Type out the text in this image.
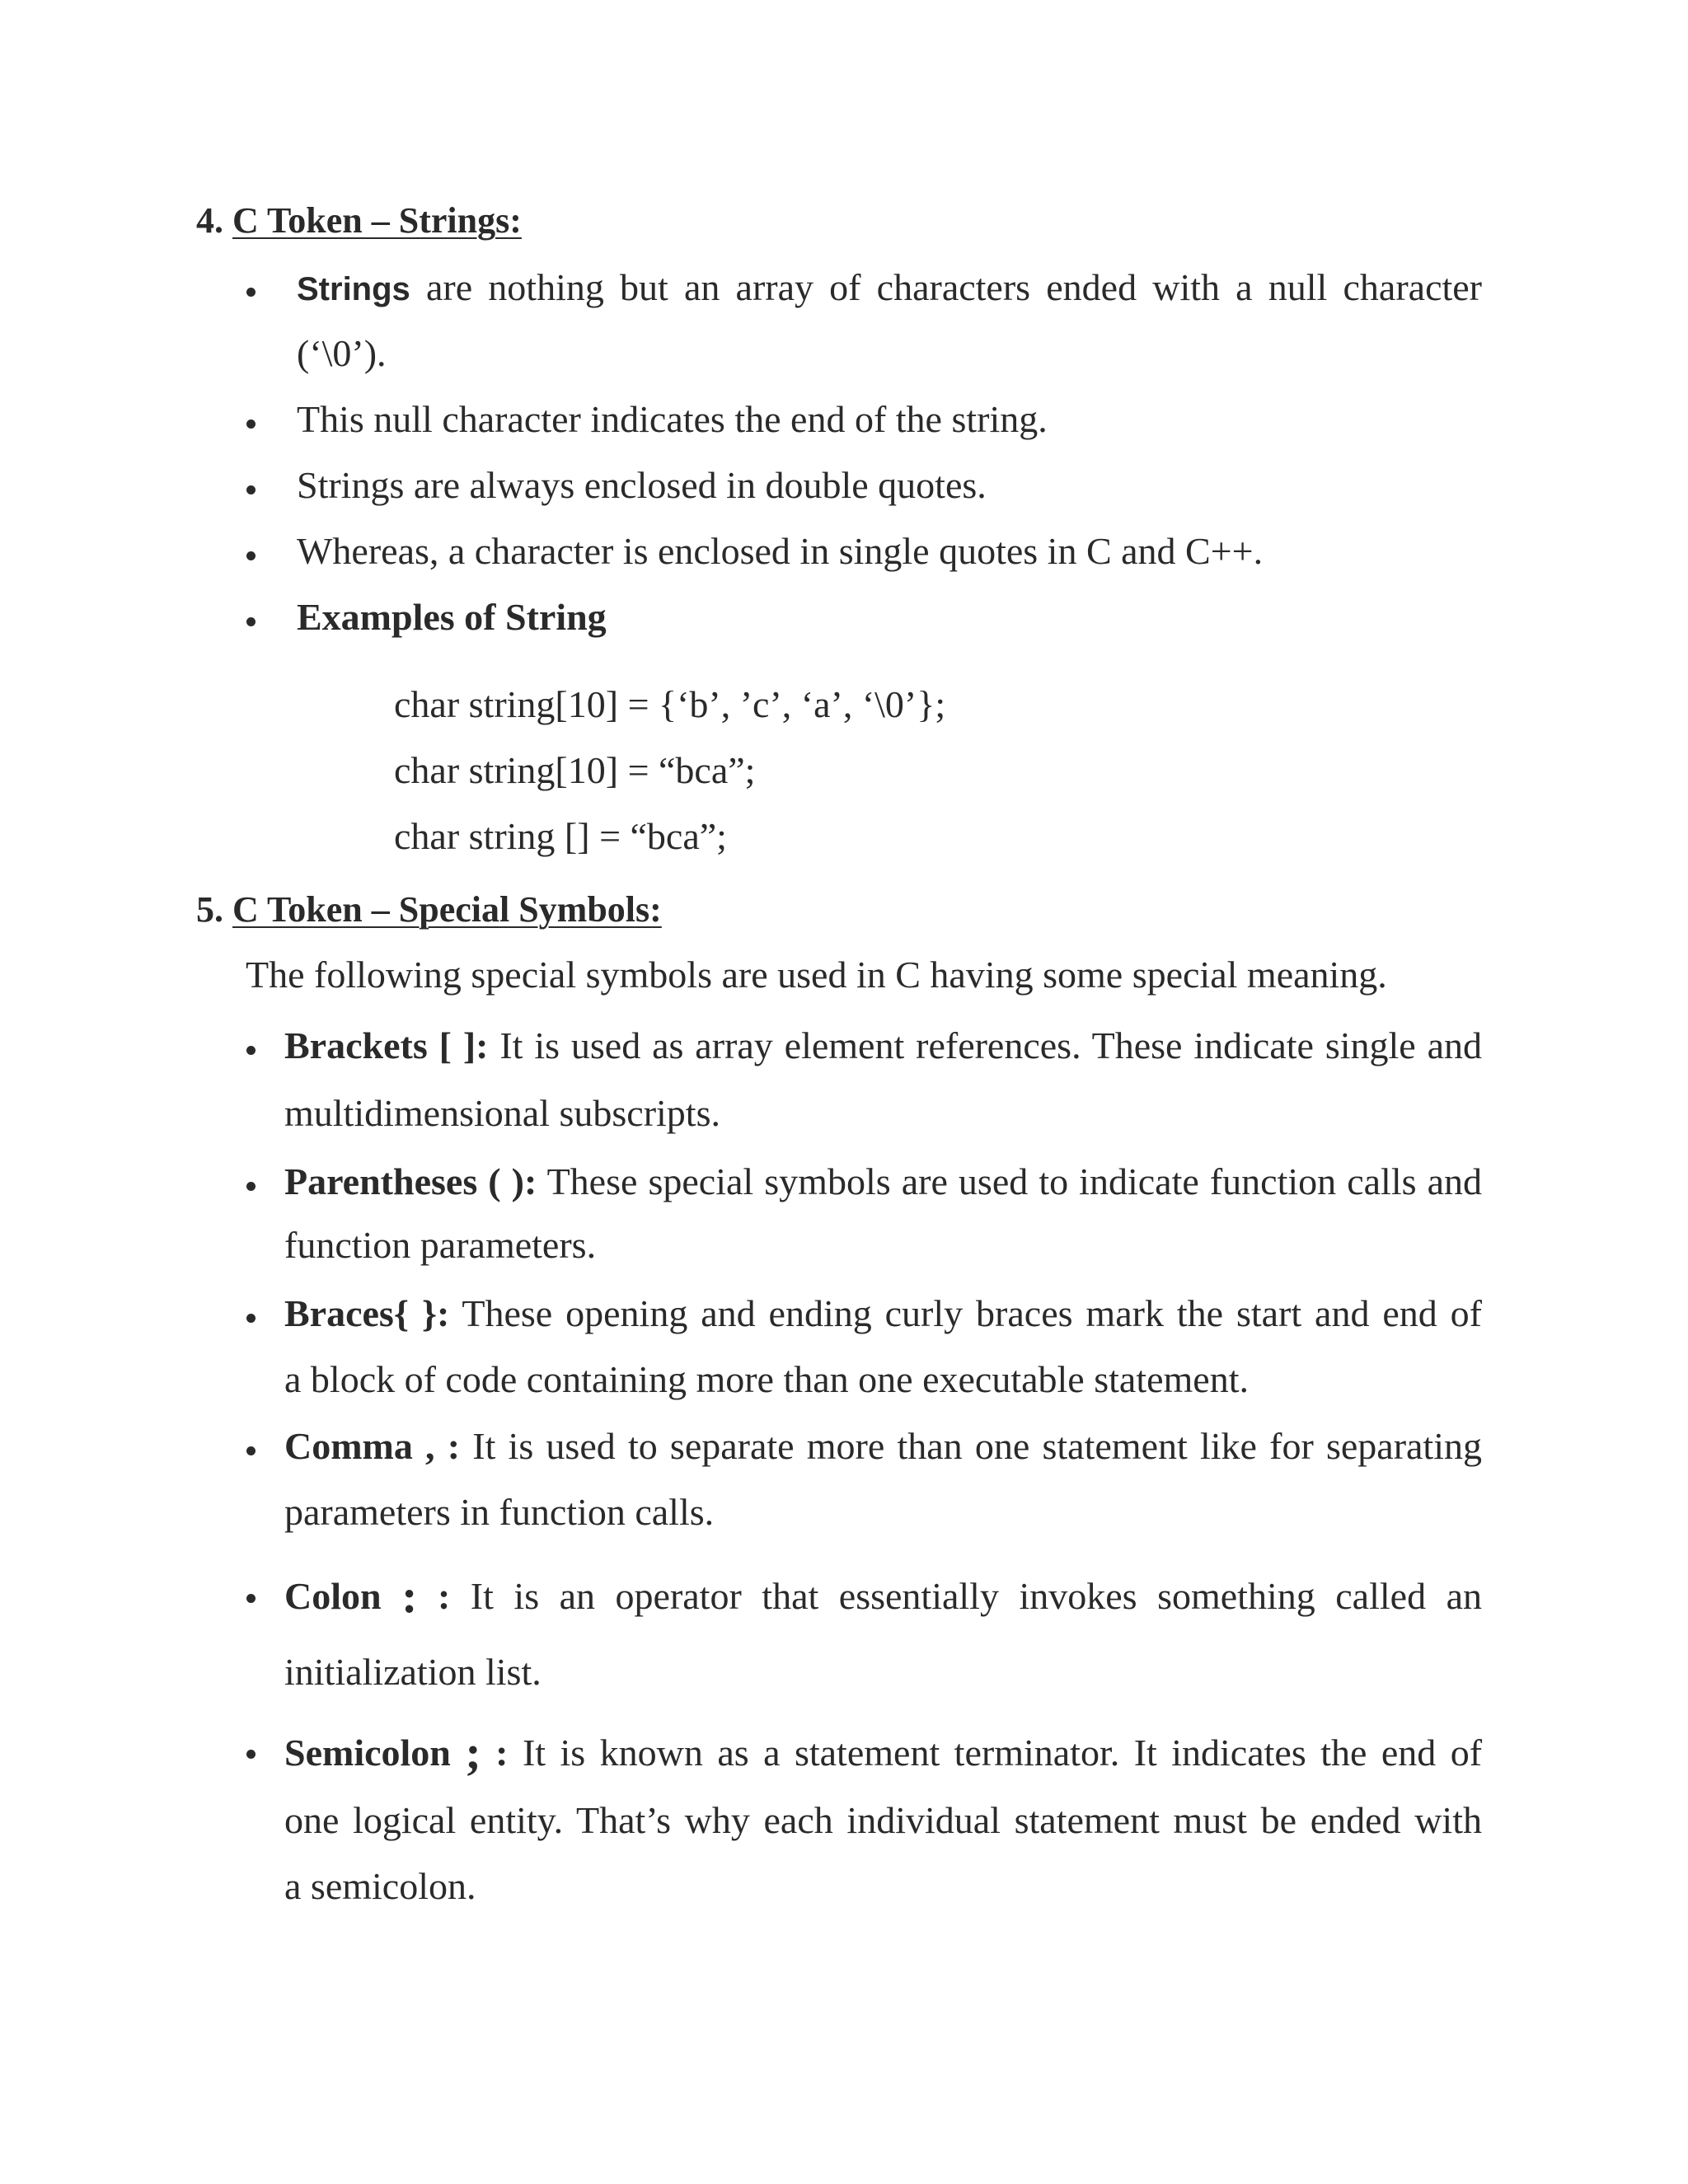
4. C Token – Strings:
Strings are nothing but an array of characters ended with a null character
(‘\0’).
This null character indicates the end of the string.
Strings are always enclosed in double quotes.
Whereas, a character is enclosed in single quotes in C and C++.
Examples of String
char string[10] = {‘b’, ’c’, ‘a’, ‘\0’};
char string[10] = “bca”;
char string [] = “bca”;
5. C Token – Special Symbols:
The following special symbols are used in C having some special meaning.
Brackets [ ]: It is used as array element references. These indicate single and
multidimensional subscripts.
Parentheses ( ): These special symbols are used to indicate function calls and
function parameters.
Braces{ }: These opening and ending curly braces mark the start and end of
a block of code containing more than one executable statement.
Comma , : It is used to separate more than one statement like for separating
parameters in function calls.
Colon : : It is an operator that essentially invokes something called an
initialization list.
Semicolon ; : It is known as a statement terminator. It indicates the end of
one logical entity. That’s why each individual statement must be ended with
a semicolon.
